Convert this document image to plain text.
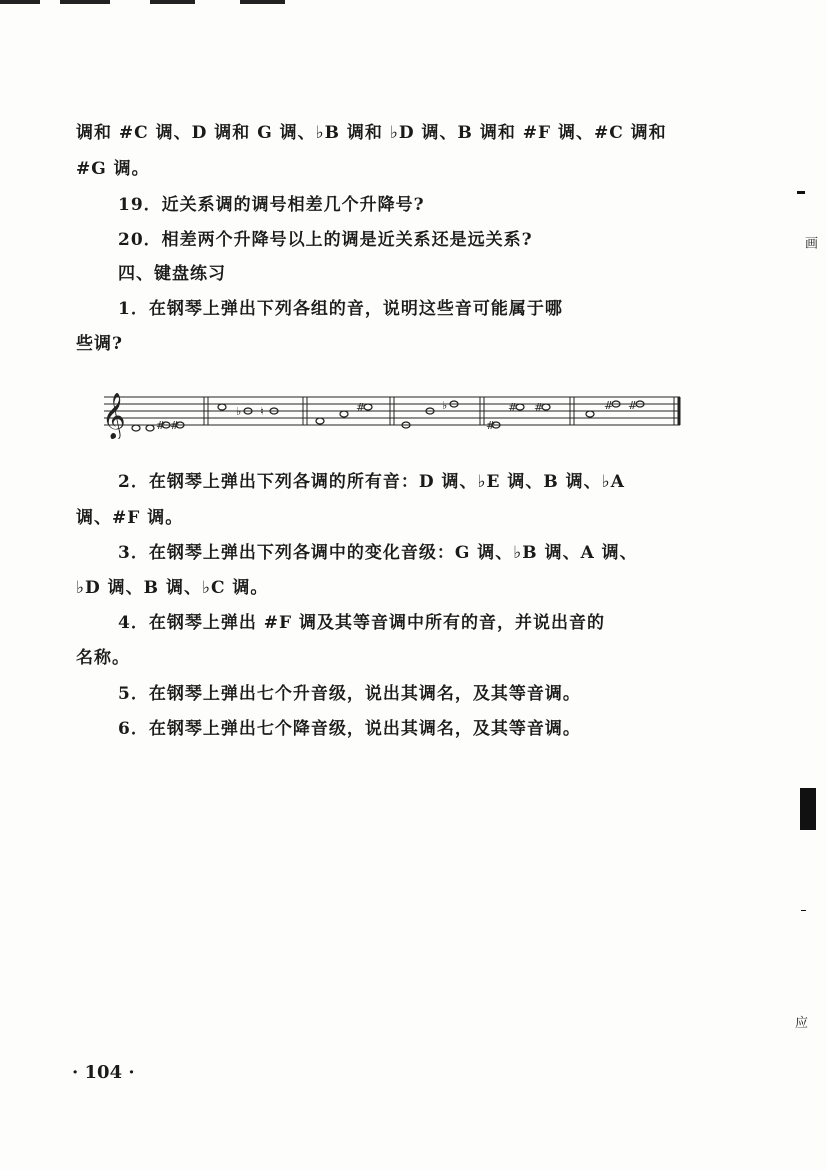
调和 #C 调、D 调和 G 调、♭B 调和 ♭D 调、B 调和 #F 调、#C 调和
#G 调。
19．近关系调的调号相差几个升降号?
20．相差两个升降号以上的调是近关系还是远关系?
四、键盘练习
1．在钢琴上弹出下列各组的音，说明这些音可能属于哪
些调?
𝄞	# #
♭ ♮	#	♭
#
# #	# #
2．在钢琴上弹出下列各调的所有音：D 调、♭E 调、B 调、♭A
调、#F 调。
3．在钢琴上弹出下列各调中的变化音级：G 调、♭B 调、A 调、
♭D 调、B 调、♭C 调。
4．在钢琴上弹出 #F 调及其等音调中所有的音，并说出音的
名称。
5．在钢琴上弹出七个升音级，说出其调名，及其等音调。
6．在钢琴上弹出七个降音级，说出其调名，及其等音调。
画
应
· 104 ·
